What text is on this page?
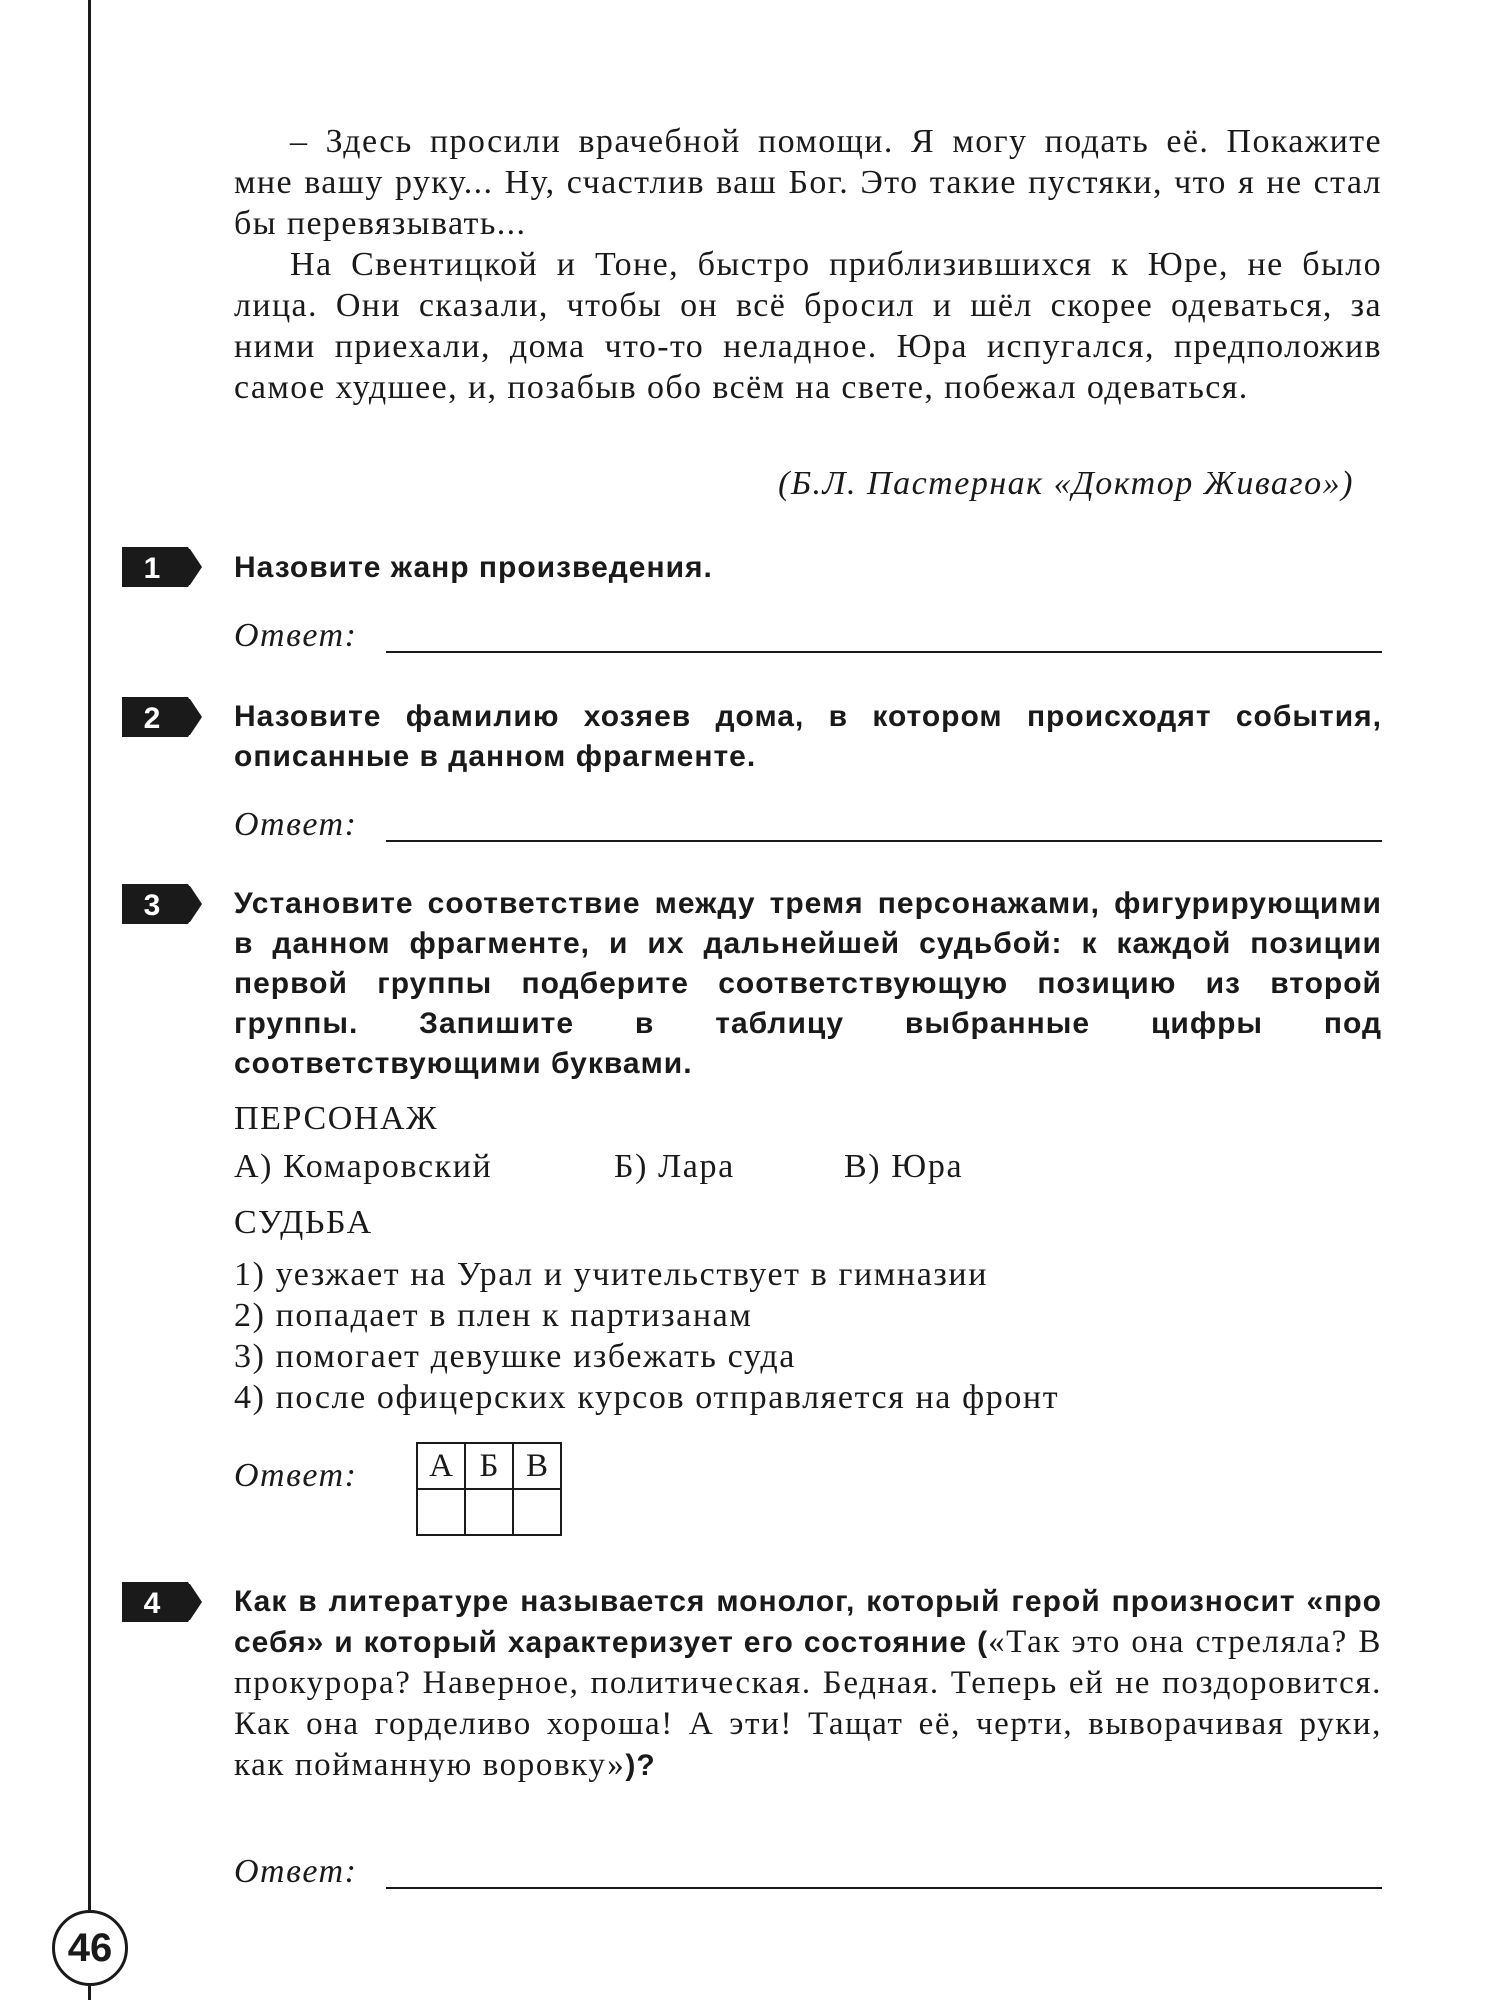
– Здесь просили врачебной помощи. Я могу подать её. Покажите мне вашу руку... Ну, счастлив ваш Бог. Это такие пустяки, что я не стал бы перевязывать...

На Свентицкой и Тоне, быстро приблизившихся к Юре, не было лица. Они сказали, чтобы он всё бросил и шёл скорее одеваться, за ними приехали, дома что-то неладное. Юра испугался, предположив самое худшее, и, позабыв обо всём на свете, побежал одеваться.

(Б.Л. Пастернак «Доктор Живаго»)
1 Назовите жанр произведения.
Ответ:
2 Назовите фамилию хозяев дома, в котором происходят события, описанные в данном фрагменте.
Ответ:
3 Установите соответствие между тремя персонажами, фигурирующими в данном фрагменте, и их дальнейшей судьбой: к каждой позиции первой группы подберите соответствующую позицию из второй группы. Запишите в таблицу выбранные цифры под соответствующими буквами.
ПЕРСОНАЖ
А) Комаровский	Б) Лара	В) Юра
СУДЬБА
1) уезжает на Урал и учительствует в гимназии
2) попадает в плен к партизанам
3) помогает девушке избежать суда
4) после офицерских курсов отправляется на фронт
Ответ: А	Б	В

4 Как в литературе называется монолог, который герой произносит «про себя» и который характеризует его состояние («Так это она стреляла? В прокурора? Наверное, политическая. Бедная. Теперь ей не поздоровится. Как она горделиво хороша! А эти! Тащат её, черти, выворачивая руки, как пойманную воровку»)?
Ответ:
46
